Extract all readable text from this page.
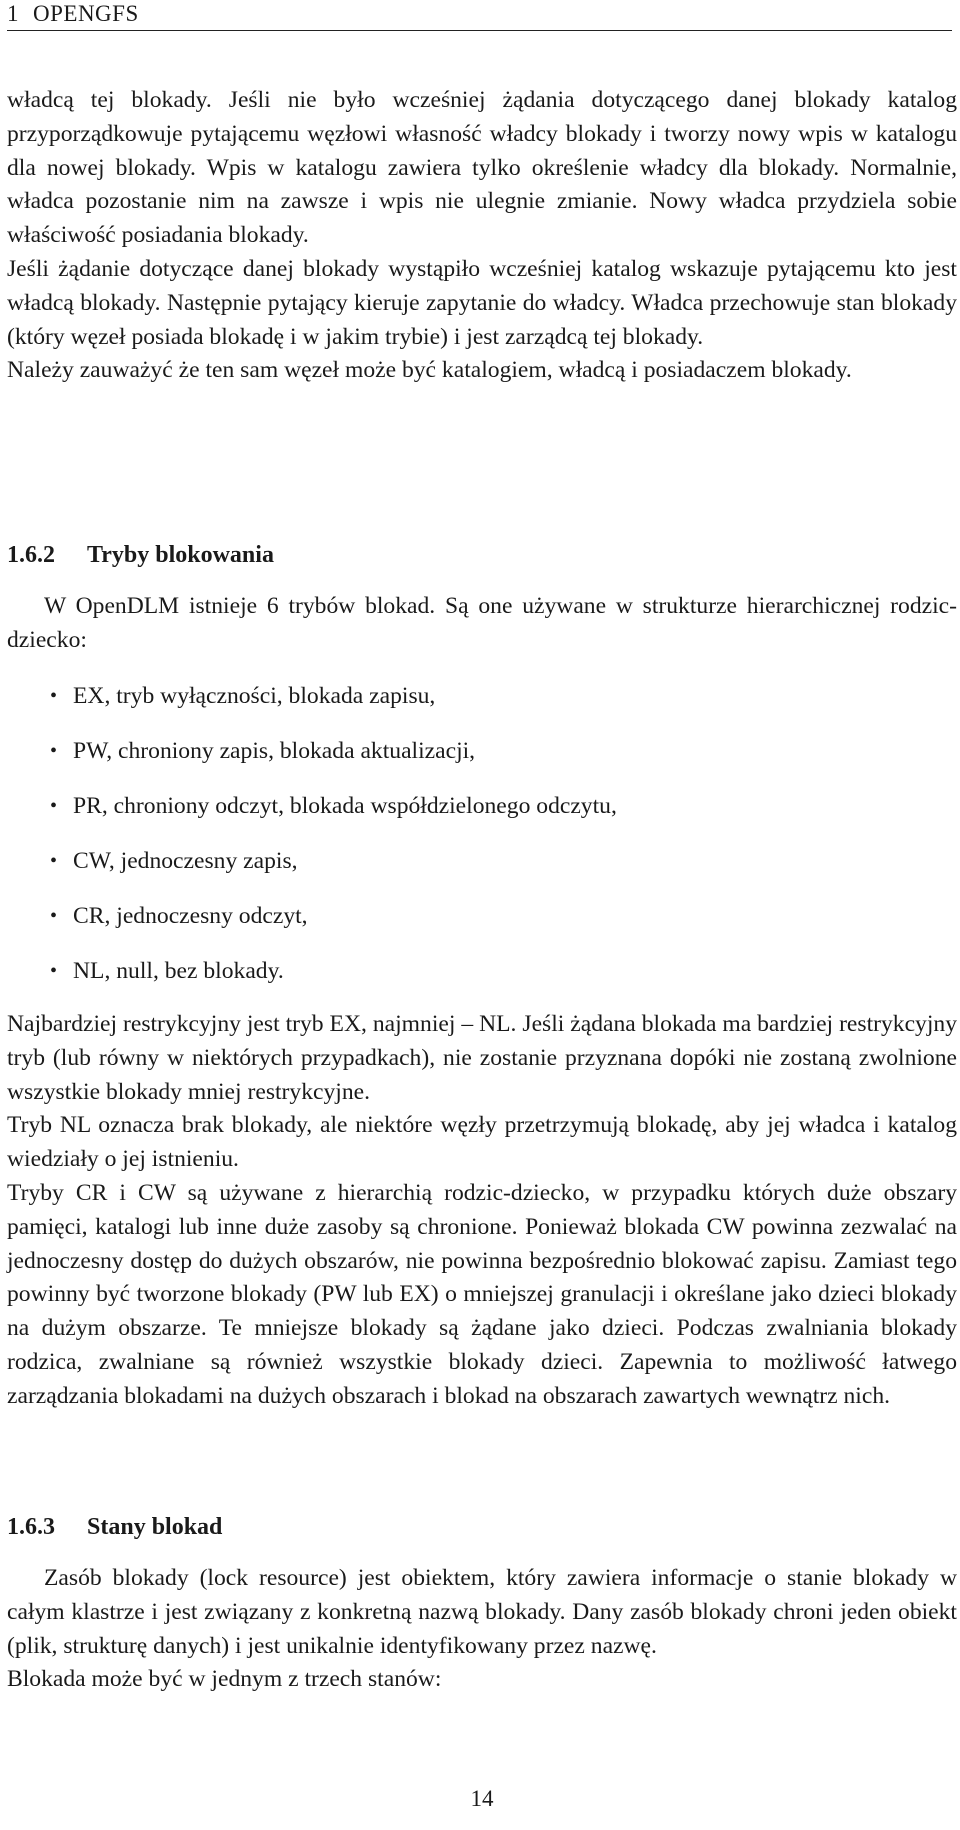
1 OPENGFS

władcą tej blokady. Jeśli nie było wcześniej żądania dotyczącego danej blokady katalog przyporządkowuje pytającemu węzłowi własność władcy blokady i tworzy nowy wpis w katalogu dla nowej blokady. Wpis w katalogu zawiera tylko określenie władcy dla blokady. Normalnie, władca pozostanie nim na zawsze i wpis nie ulegnie zmianie. Nowy władca przydziela sobie właściwość posiadania blokady.

Jeśli żądanie dotyczące danej blokady wystąpiło wcześniej katalog wskazuje pytającemu kto jest władcą blokady. Następnie pytający kieruje zapytanie do władcy. Władca przechowuje stan blokady (który węzeł posiada blokadę i w jakim trybie) i jest zarządcą tej blokady.

Należy zauważyć że ten sam węzeł może być katalogiem, władcą i posiadaczem blokady.

1.6.2 Tryby blokowania

W OpenDLM istnieje 6 trybów blokad. Są one używane w strukturze hierarchicznej rodzic-dziecko:

• EX, tryb wyłączności, blokada zapisu,
• PW, chroniony zapis, blokada aktualizacji,
• PR, chroniony odczyt, blokada współdzielonego odczytu,
• CW, jednoczesny zapis,
• CR, jednoczesny odczyt,
• NL, null, bez blokady.

Najbardziej restrykcyjny jest tryb EX, najmniej – NL. Jeśli żądana blokada ma bardziej restrykcyjny tryb (lub równy w niektórych przypadkach), nie zostanie przyznana dopóki nie zostaną zwolnione wszystkie blokady mniej restrykcyjne.

Tryb NL oznacza brak blokady, ale niektóre węzły przetrzymują blokadę, aby jej władca i katalog wiedziały o jej istnieniu.

Tryby CR i CW są używane z hierarchią rodzic-dziecko, w przypadku których duże obszary pamięci, katalogi lub inne duże zasoby są chronione. Ponieważ blokada CW powinna zezwalać na jednoczesny dostęp do dużych obszarów, nie powinna bezpośrednio blokować zapisu. Zamiast tego powinny być tworzone blokady (PW lub EX) o mniejszej granulacji i określane jako dzieci blokady na dużym obszarze. Te mniejsze blokady są żądane jako dzieci. Podczas zwalniania blokady rodzica, zwalniane są również wszystkie blokady dzieci. Zapewnia to możliwość łatwego zarządzania blokadami na dużych obszarach i blokad na obszarach zawartych wewnątrz nich.

1.6.3 Stany blokad

Zasób blokady (lock resource) jest obiektem, który zawiera informacje o stanie blokady w całym klastrze i jest związany z konkretną nazwą blokady. Dany zasób blokady chroni jeden obiekt (plik, strukturę danych) i jest unikalnie identyfikowany przez nazwę.

Blokada może być w jednym z trzech stanów:

14
